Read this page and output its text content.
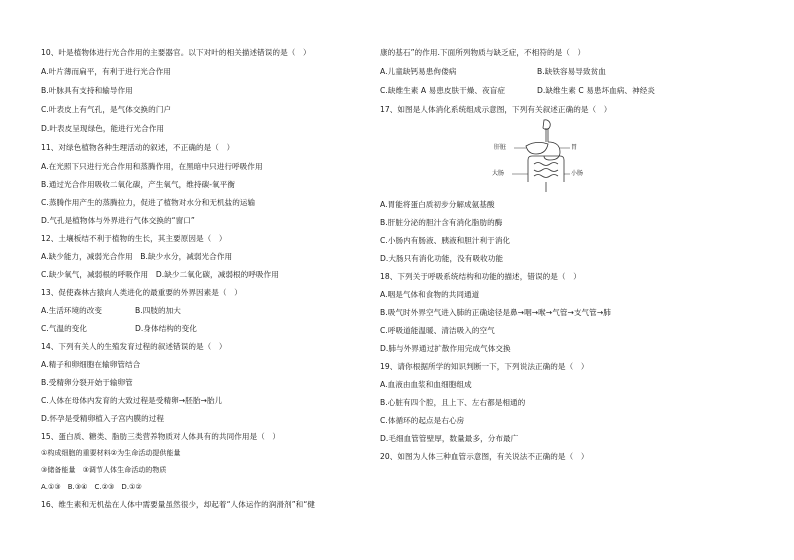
肝脏	胃
大肠	小肠
10、叶是植物体进行光合作用的主要器官。以下对叶的相关描述错误的是（　）
A.叶片薄而扁平，有利于进行光合作用
B.叶脉具有支持和输导作用
C.叶表皮上有气孔，是气体交换的门户
D.叶表皮呈现绿色，能进行光合作用
11、对绿色植物各种生理活动的叙述，不正确的是（　）
A.在光照下只进行光合作用和蒸腾作用，在黑暗中只进行呼吸作用
B.通过光合作用吸收二氧化碳，产生氧气，维持碳-氧平衡
C.蒸腾作用产生的蒸腾拉力，促进了植物对水分和无机盐的运输
D.气孔是植物体与外界进行气体交换的“窗口”
12、土壤板结不利于植物的生长，其主要原因是（　）
A.缺少能力，减弱光合作用　B.缺少水分，减弱光合作用
C.缺少氧气，减弱根的呼吸作用　D.缺少二氧化碳，减弱根的呼吸作用
13、促使森林古猿向人类进化的最重要的外界因素是（　）
A.生活环境的改变	B.四肢的加大
C.气温的变化	D.身体结构的变化
14、下列有关人的生殖发育过程的叙述错误的是（　）
A.精子和卵细胞在输卵管结合
B.受精卵分裂开始于输卵管
C.人体在母体内发育的大致过程是受精卵→胚胎→胎儿
D.怀孕是受精卵植入子宫内膜的过程
15、蛋白质、糖类、脂肪三类营养物质对人体具有的共同作用是（　）
①构成细胞的重要材料②为生命活动提供能量
③储备能量　③调节人体生命活动的物质
A.①③　B.③④　C.②③　D.①②
16、维生素和无机盐在人体中需要量虽然很少，却起着“人体运作的润滑剂”和“健
康的基石”的作用.下面所列物质与缺乏症，不相符的是（　）
A.儿童缺钙易患佝偻病	B.缺铁容易导致贫血
C.缺维生素 A 易患皮肤干燥、夜盲症	D.缺维生素 C 易患坏血病、神经炎
17、如图是人体消化系统组成示意图，下列有关叙述正确的是（　）
A.胃能将蛋白质初步分解成氨基酸
B.肝脏分泌的胆汁含有消化脂肪的酶
C.小肠内有肠液、胰液和胆汁利于消化
D.大肠只有消化功能，没有吸收功能
18、下列关于呼吸系统结构和功能的描述，错误的是（　）
A.咽是气体和食物的共同通道
B.吸气时外界空气进入肺的正确途径是鼻→咽→喉→气管→支气管→肺
C.呼吸道能温暖、清洁吸入的空气
D.肺与外界通过扩散作用完成气体交换
19、请你根据所学的知识判断一下，下列说法正确的是（　）
A.血液由血浆和血细胞组成
B.心脏有四个腔，且上下、左右都是相通的
C.体循环的起点是右心房
D.毛细血管管壁厚，数量最多，分布最广
20、如图为人体三种血管示意图，有关说法不正确的是（　）
